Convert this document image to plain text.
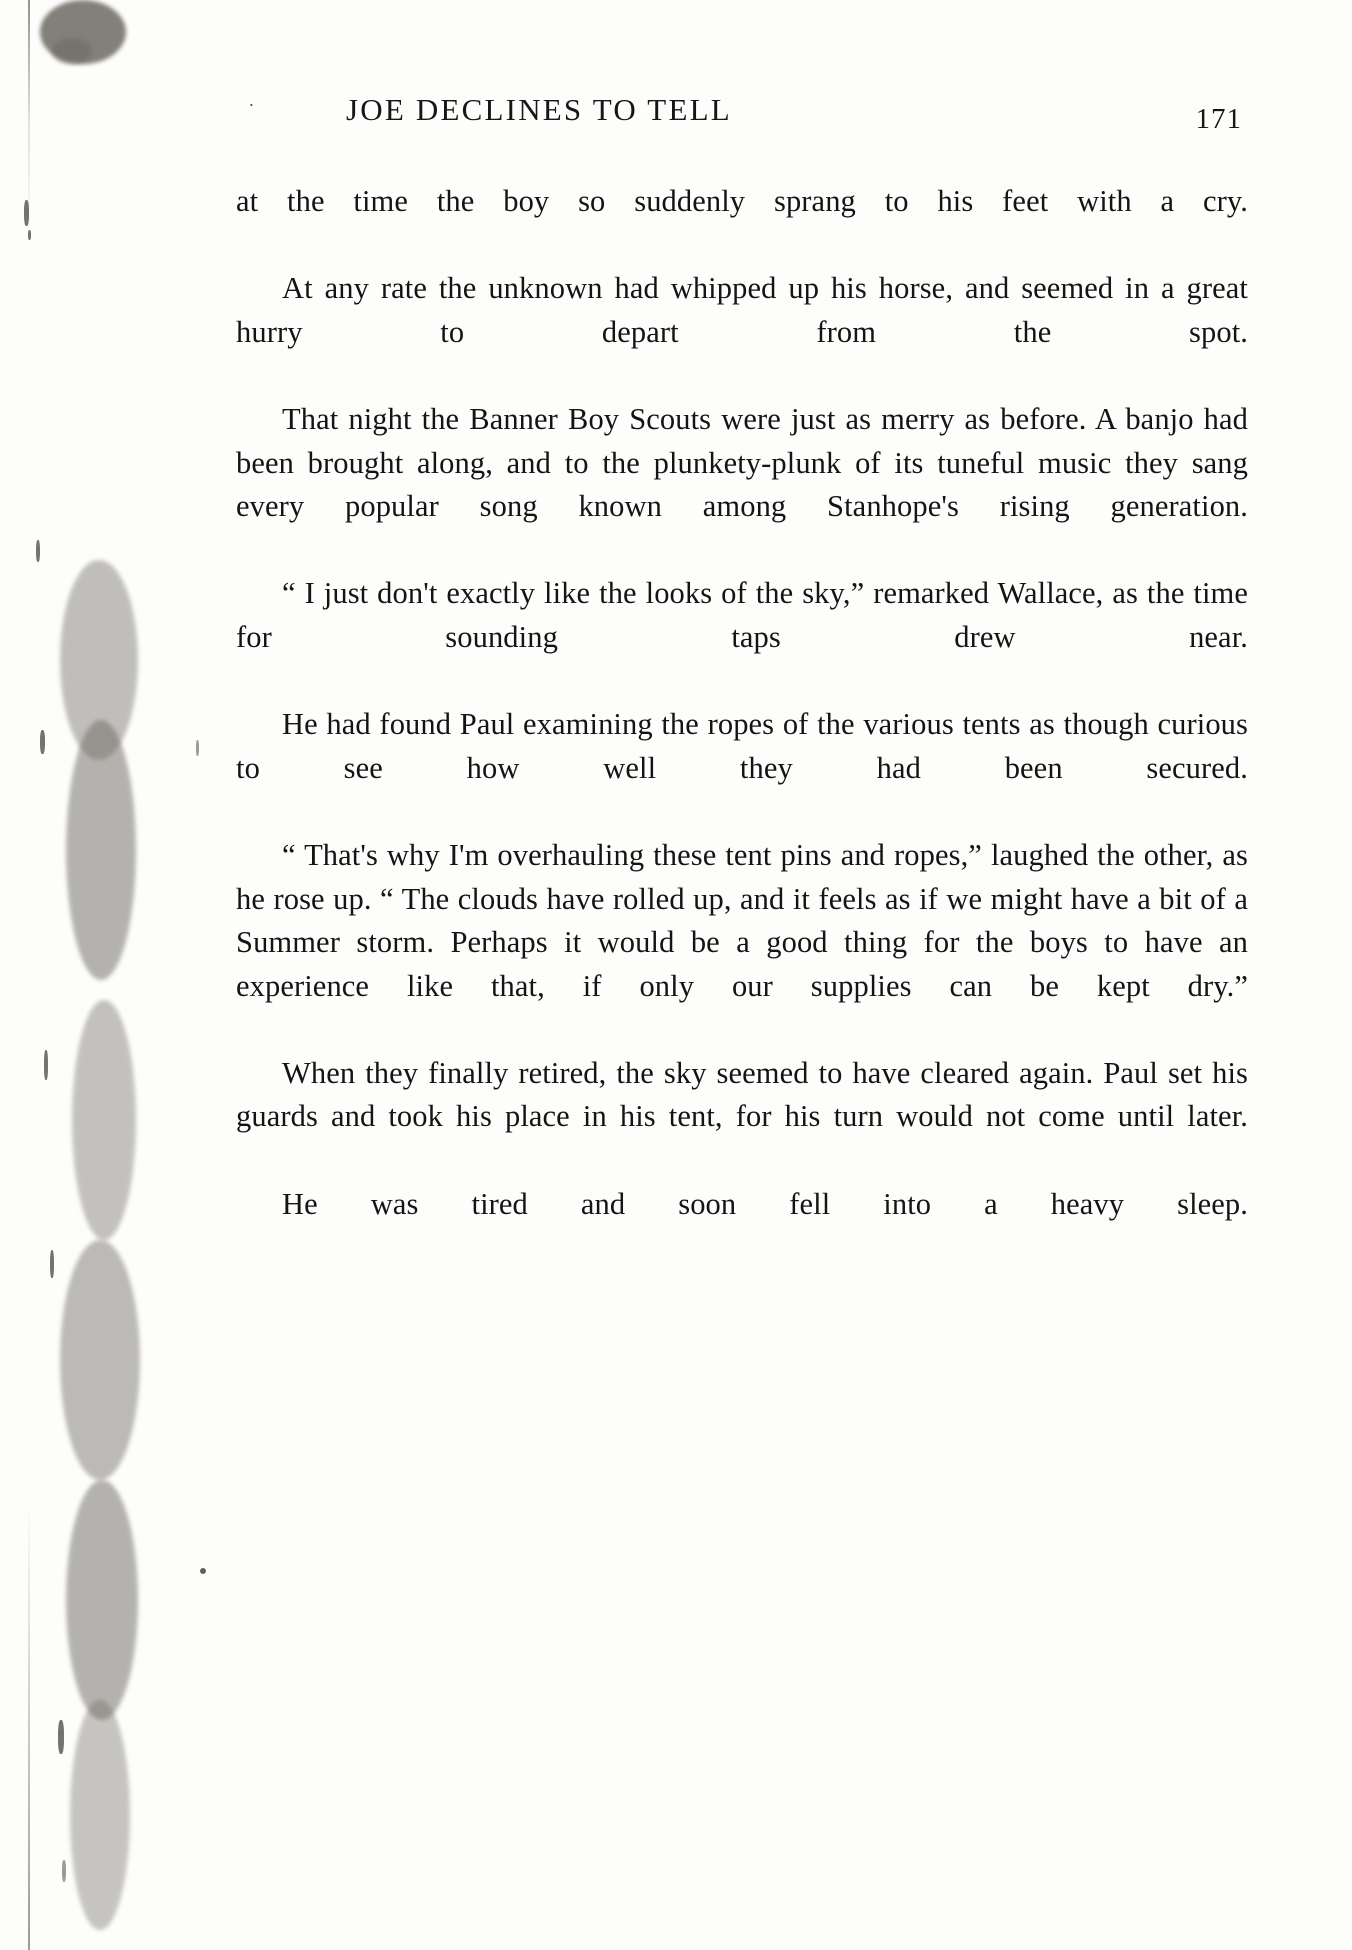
˙	JOE DECLINES TO TELL	171

at the time the boy so suddenly sprang to his feet with a cry.

At any rate the unknown had whipped up his horse, and seemed in a great hurry to depart from the spot.

That night the Banner Boy Scouts were just as merry as before. A banjo had been brought along, and to the plunkety-plunk of its tuneful music they sang every popular song known among Stanhope's rising generation.

“ I just don't exactly like the looks of the sky,” remarked Wallace, as the time for sounding taps drew near.

He had found Paul examining the ropes of the various tents as though curious to see how well they had been secured.

“ That's why I'm overhauling these tent pins and ropes,” laughed the other, as he rose up. “ The clouds have rolled up, and it feels as if we might have a bit of a Summer storm. Perhaps it would be a good thing for the boys to have an experience like that, if only our supplies can be kept dry.”

When they finally retired, the sky seemed to have cleared again. Paul set his guards and took his place in his tent, for his turn would not come until later.

He was tired and soon fell into a heavy sleep.
